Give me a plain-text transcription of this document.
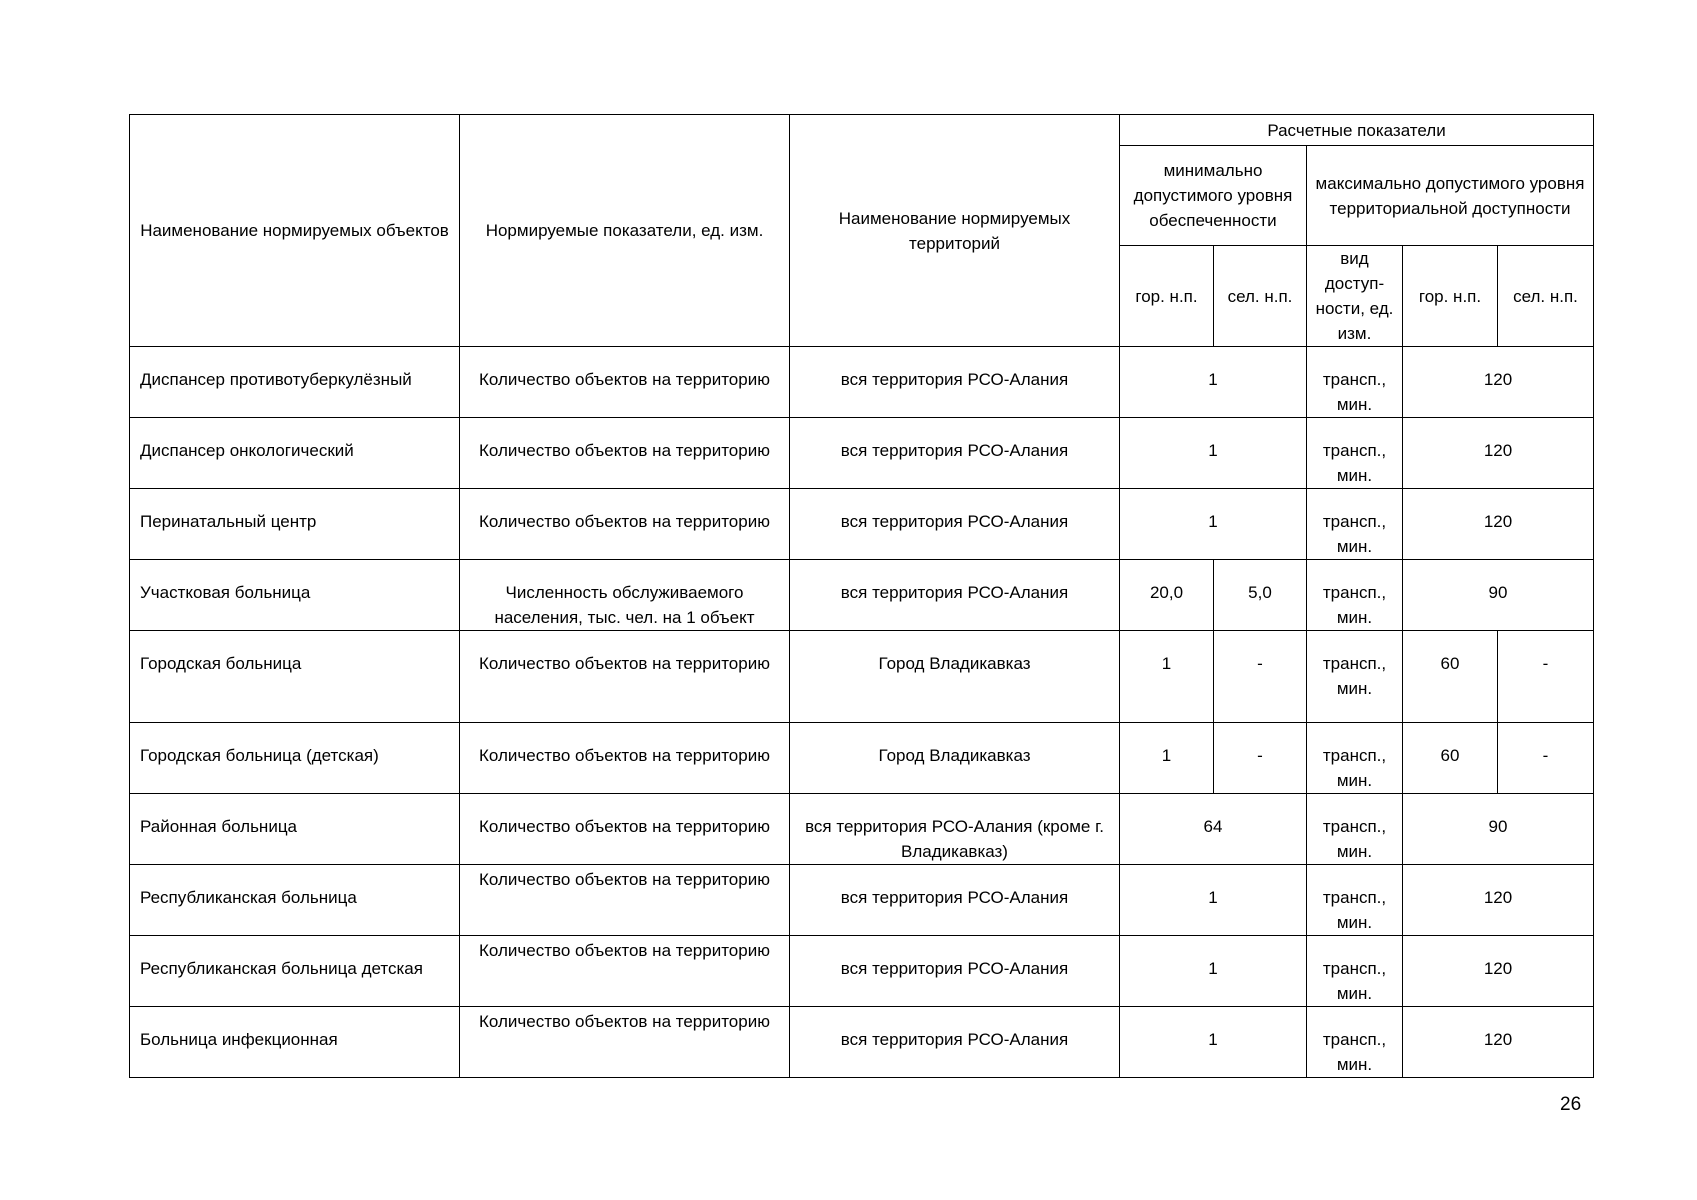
Наименование нормируемых объектов	Нормируемые показатели, ед. изм.	Наименование нормируемых территорий	Расчетные показатели				
			минимально допустимого уровня обеспеченности		максимально допустимого уровня территориальной доступности		
			гор. н.п.	сел. н.п.	вид доступ-ности, ед. изм.	гор. н.п.	сел. н.п.
Диспансер противотуберкулёзный	Количество объектов на территорию	вся территория РСО-Алания	1		трансп., мин.	120	
Диспансер онкологический	Количество объектов на территорию	вся территория РСО-Алания	1		трансп., мин.	120	
Перинатальный центр	Количество объектов на территорию	вся территория РСО-Алания	1		трансп., мин.	120	
Участковая больница	Численность обслуживаемого населения, тыс. чел. на 1 объект	вся территория РСО-Алания	20,0	5,0	трансп., мин.	90	
Городская больница	Количество объектов на территорию	Город Владикавказ	1	-	трансп., мин.	60	-
Городская больница (детская)	Количество объектов на территорию	Город Владикавказ	1	-	трансп., мин.	60	-
Районная больница	Количество объектов на территорию	вся территория РСО-Алания (кроме г. Владикавказ)	64		трансп., мин.	90	
Республиканская больница	Количество объектов на территорию	вся территория РСО-Алания	1		трансп., мин.	120	
Республиканская больница детская	Количество объектов на территорию	вся территория РСО-Алания	1		трансп., мин.	120	
Больница инфекционная	Количество объектов на территорию	вся территория РСО-Алания	1		трансп., мин.	120	
26
